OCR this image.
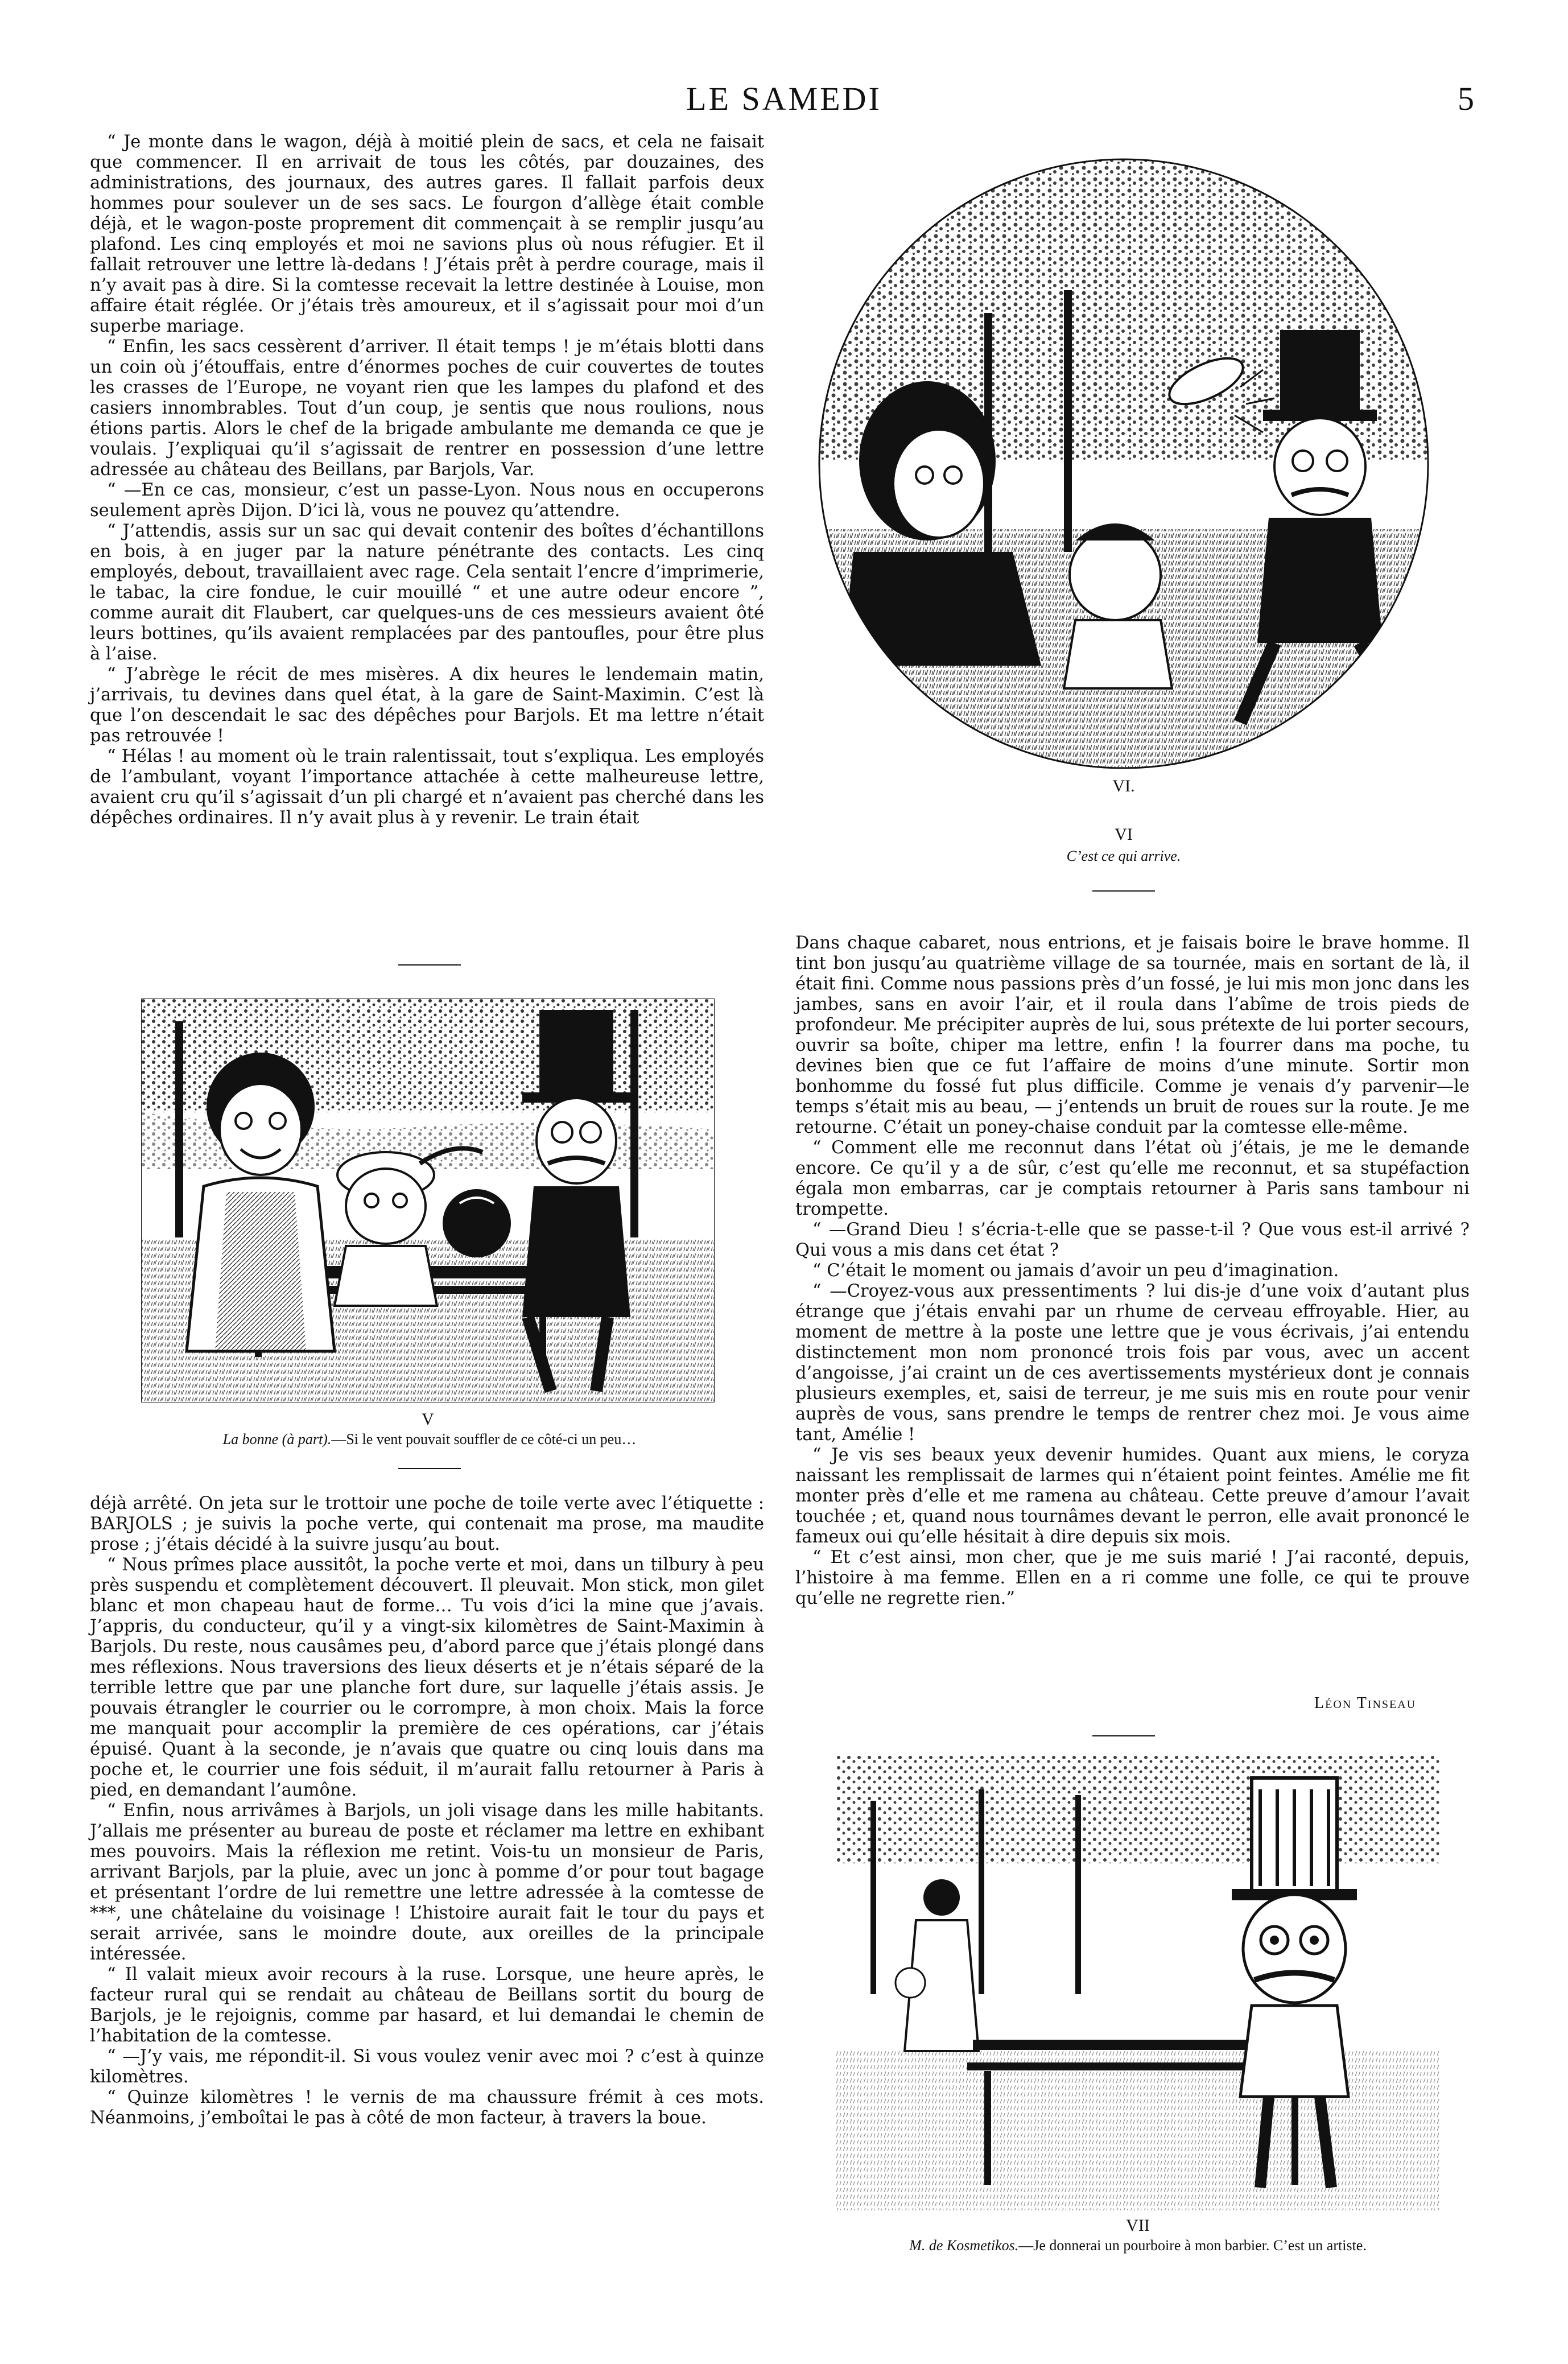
LE SAMEDI	5

“ Je monte dans le wagon, déjà à moitié plein de sacs, et cela ne faisait que commencer. Il en arrivait de tous les côtés, par douzaines, des administrations, des journaux, des autres gares. Il fallait parfois deux hommes pour soulever un de ses sacs. Le fourgon d’allège était comble déjà, et le wagon-poste proprement dit commençait à se remplir jusqu’au plafond. Les cinq employés et moi ne savions plus où nous réfugier. Et il fallait retrouver une lettre là-dedans ! J’étais prêt à perdre courage, mais il n’y avait pas à dire. Si la comtesse recevait la lettre destinée à Louise, mon affaire était réglée. Or j’étais très amoureux, et il s’agissait pour moi d’un superbe mariage.

“ Enfin, les sacs cessèrent d’arriver. Il était temps ! je m’étais blotti dans un coin où j’étouffais, entre d’énormes poches de cuir couvertes de toutes les crasses de l’Europe, ne voyant rien que les lampes du plafond et des casiers innombrables. Tout d’un coup, je sentis que nous roulions, nous étions partis. Alors le chef de la brigade ambulante me demanda ce que je voulais. J’expliquai qu’il s’agissait de rentrer en possession d’une lettre adressée au château des Beillans, par Barjols, Var.

“ —En ce cas, monsieur, c’est un passe-Lyon. Nous nous en occuperons seulement après Dijon. D’ici là, vous ne pouvez qu’attendre.

“ J’attendis, assis sur un sac qui devait contenir des boîtes d’échantillons en bois, à en juger par la nature pénétrante des contacts. Les cinq employés, debout, travaillaient avec rage. Cela sentait l’encre d’imprimerie, le tabac, la cire fondue, le cuir mouillé “ et une autre odeur encore ”, comme aurait dit Flaubert, car quelques-uns de ces messieurs avaient ôté leurs bottines, qu’ils avaient remplacées par des pantoufles, pour être plus à l’aise.

“ J’abrège le récit de mes misères. A dix heures le lendemain matin, j’arrivais, tu devines dans quel état, à la gare de Saint-Maximin. C’est là que l’on descendait le sac des dépêches pour Barjols. Et ma lettre n’était pas retrouvée !

“ Hélas ! au moment où le train ralentissait, tout s’expliqua. Les employés de l’ambulant, voyant l’importance attachée à cette malheureuse lettre, avaient cru qu’il s’agissait d’un pli chargé et n’avaient pas cherché dans les dépêches ordinaires. Il n’y avait plus à y revenir. Le train était

V
La bonne (à part).—Si le vent pouvait souffler de ce côté-ci un peu…

déjà arrêté. On jeta sur le trottoir une poche de toile verte avec l’étiquette : BARJOLS ; je suivis la poche verte, qui contenait ma prose, ma maudite prose ; j’étais décidé à la suivre jusqu’au bout.

“ Nous prîmes place aussitôt, la poche verte et moi, dans un tilbury à peu près suspendu et complètement découvert. Il pleuvait. Mon stick, mon gilet blanc et mon chapeau haut de forme… Tu vois d’ici la mine que j’avais. J’appris, du conducteur, qu’il y a vingt-six kilomètres de Saint-Maximin à Barjols. Du reste, nous causâmes peu, d’abord parce que j’étais plongé dans mes réflexions. Nous traversions des lieux déserts et je n’étais séparé de la terrible lettre que par une planche fort dure, sur laquelle j’étais assis. Je pouvais étrangler le courrier ou le corrompre, à mon choix. Mais la force me manquait pour accomplir la première de ces opérations, car j’étais épuisé. Quant à la seconde, je n’avais que quatre ou cinq louis dans ma poche et, le courrier une fois séduit, il m’aurait fallu retourner à Paris à pied, en demandant l’aumône.

“ Enfin, nous arrivâmes à Barjols, un joli visage dans les mille habitants. J’allais me présenter au bureau de poste et réclamer ma lettre en exhibant mes pouvoirs. Mais la réflexion me retint. Vois-tu un monsieur de Paris, arrivant Barjols, par la pluie, avec un jonc à pomme d’or pour tout bagage et présentant l’ordre de lui remettre une lettre adressée à la comtesse de ***, une châtelaine du voisinage ! L’histoire aurait fait le tour du pays et serait arrivée, sans le moindre doute, aux oreilles de la principale intéressée.

“ Il valait mieux avoir recours à la ruse. Lorsque, une heure après, le facteur rural qui se rendait au château de Beillans sortit du bourg de Barjols, je le rejoignis, comme par hasard, et lui demandai le chemin de l’habitation de la comtesse.

“ —J’y vais, me répondit-il. Si vous voulez venir avec moi ? c’est à quinze kilomètres.

“ Quinze kilomètres ! le vernis de ma chaussure frémit à ces mots. Néanmoins, j’emboîtai le pas à côté de mon facteur, à travers la boue.

VI.
VI
C’est ce qui arrive.

Dans chaque cabaret, nous entrions, et je faisais boire le brave homme. Il tint bon jusqu’au quatrième village de sa tournée, mais en sortant de là, il était fini. Comme nous passions près d’un fossé, je lui mis mon jonc dans les jambes, sans en avoir l’air, et il roula dans l’abîme de trois pieds de profondeur. Me précipiter auprès de lui, sous prétexte de lui porter secours, ouvrir sa boîte, chiper ma lettre, enfin ! la fourrer dans ma poche, tu devines bien que ce fut l’affaire de moins d’une minute. Sortir mon bonhomme du fossé fut plus difficile. Comme je venais d’y parvenir—le temps s’était mis au beau, — j’entends un bruit de roues sur la route. Je me retourne. C’était un poney-chaise conduit par la comtesse elle-même.

“ Comment elle me reconnut dans l’état où j’étais, je me le demande encore. Ce qu’il y a de sûr, c’est qu’elle me reconnut, et sa stupéfaction égala mon embarras, car je comptais retourner à Paris sans tambour ni trompette.

“ —Grand Dieu ! s’écria-t-elle que se passe-t-il ? Que vous est-il arrivé ? Qui vous a mis dans cet état ?

“ C’était le moment ou jamais d’avoir un peu d’imagination.

“ —Croyez-vous aux pressentiments ? lui dis-je d’une voix d’autant plus étrange que j’étais envahi par un rhume de cerveau effroyable. Hier, au moment de mettre à la poste une lettre que je vous écrivais, j’ai entendu distinctement mon nom prononcé trois fois par vous, avec un accent d’angoisse, j’ai craint un de ces avertissements mystérieux dont je connais plusieurs exemples, et, saisi de terreur, je me suis mis en route pour venir auprès de vous, sans prendre le temps de rentrer chez moi. Je vous aime tant, Amélie !

“ Je vis ses beaux yeux devenir humides. Quant aux miens, le coryza naissant les remplissait de larmes qui n’étaient point feintes. Amélie me fit monter près d’elle et me ramena au château. Cette preuve d’amour l’avait touchée ; et, quand nous tournâmes devant le perron, elle avait prononcé le fameux oui qu’elle hésitait à dire depuis six mois.

“ Et c’est ainsi, mon cher, que je me suis marié ! J’ai raconté, depuis, l’histoire à ma femme. Ellen en a ri comme une folle, ce qui te prouve qu’elle ne regrette rien.”

Léon Tinseau
VII
M. de Kosmetikos.—Je donnerai un pourboire à mon barbier. C’est un artiste.
